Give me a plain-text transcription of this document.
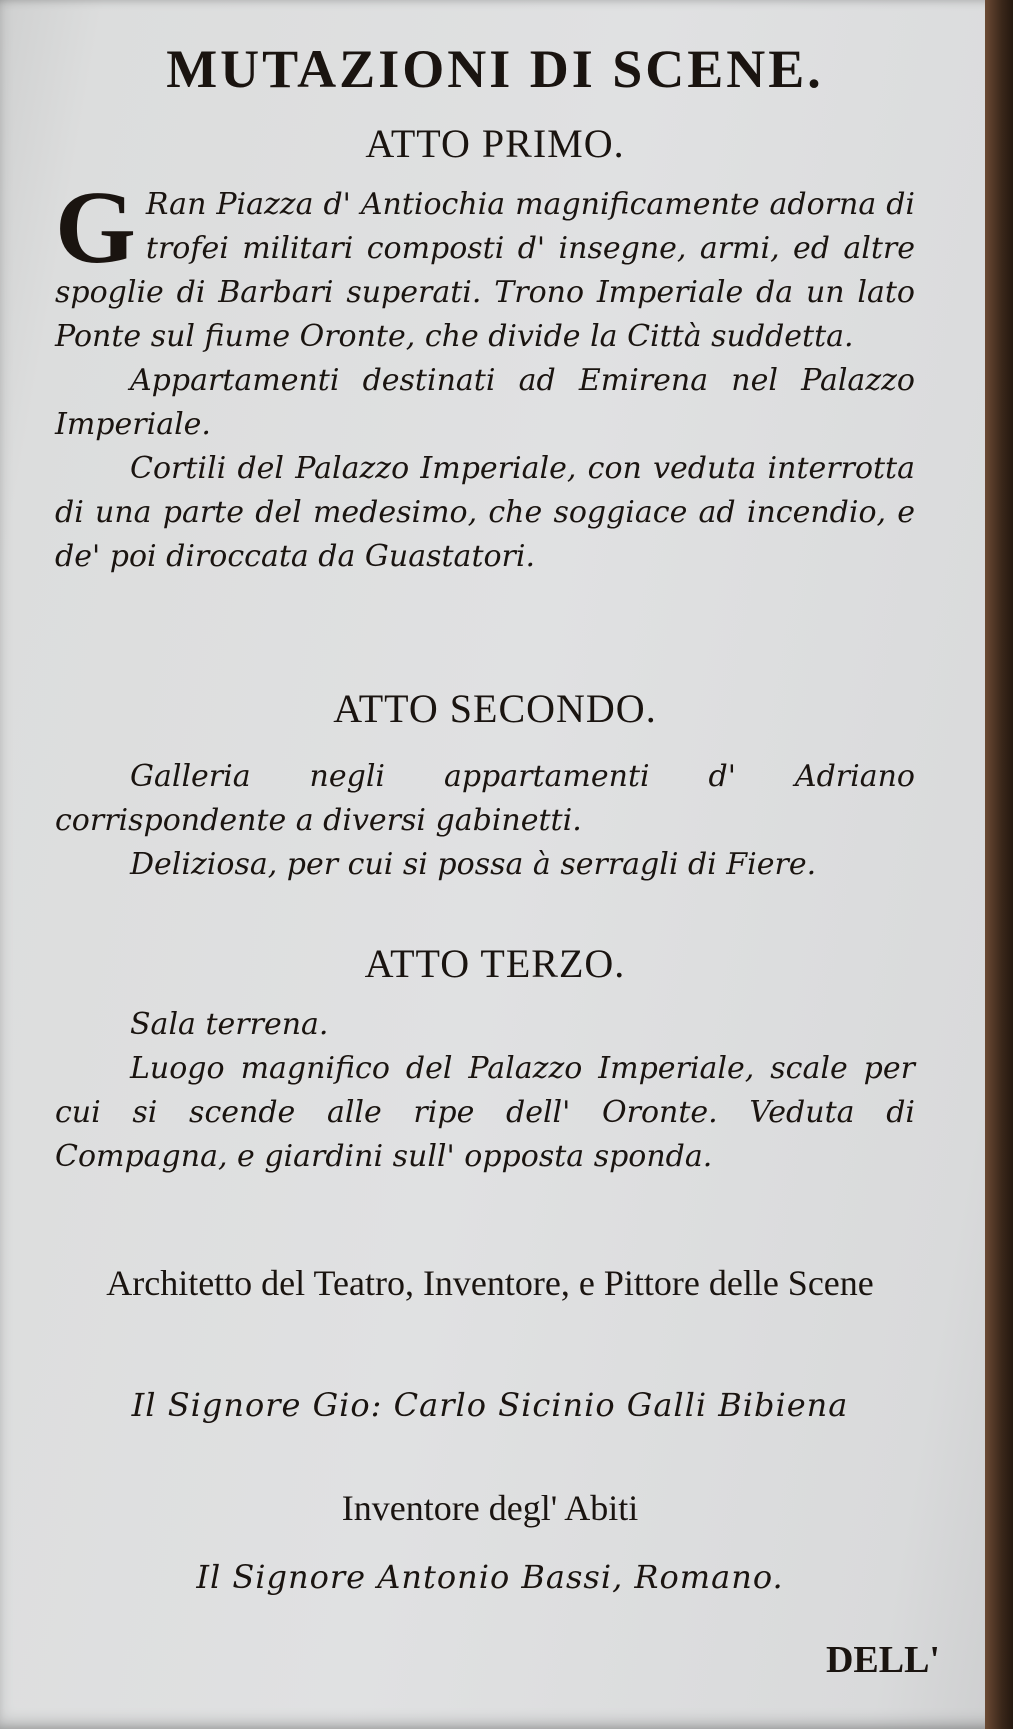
MUTAZIONI DI SCENE.
ATTO PRIMO.

G Ran Piazza d' Antiochia magnificamente adorna di trofei militari composti d' insegne, armi, ed altre spoglie di Barbari superati. Trono Imperiale da un lato Ponte sul fiume Oronte, che divide la Città suddetta.

Appartamenti destinati ad Emirena nel Palazzo Imperiale.

Cortili del Palazzo Imperiale, con veduta interrotta di una parte del medesimo, che soggiace ad incendio, e de' poi diroccata da Guastatori.

ATTO SECONDO.

Galleria negli appartamenti d' Adriano corrispondente a diversi gabinetti.

Deliziosa, per cui si possa à serragli di Fiere.

ATTO TERZO.

Sala terrena.

Luogo magnifico del Palazzo Imperiale, scale per cui si scende alle ripe dell' Oronte. Veduta di Compagna, e giardini sull' opposta sponda.

Architetto del Teatro, Inventore, e Pittore delle Scene
Il Signore Gio: Carlo Sicinio Galli Bibiena
Inventore degl' Abiti
Il Signore Antonio Bassi, Romano.
DELL'
